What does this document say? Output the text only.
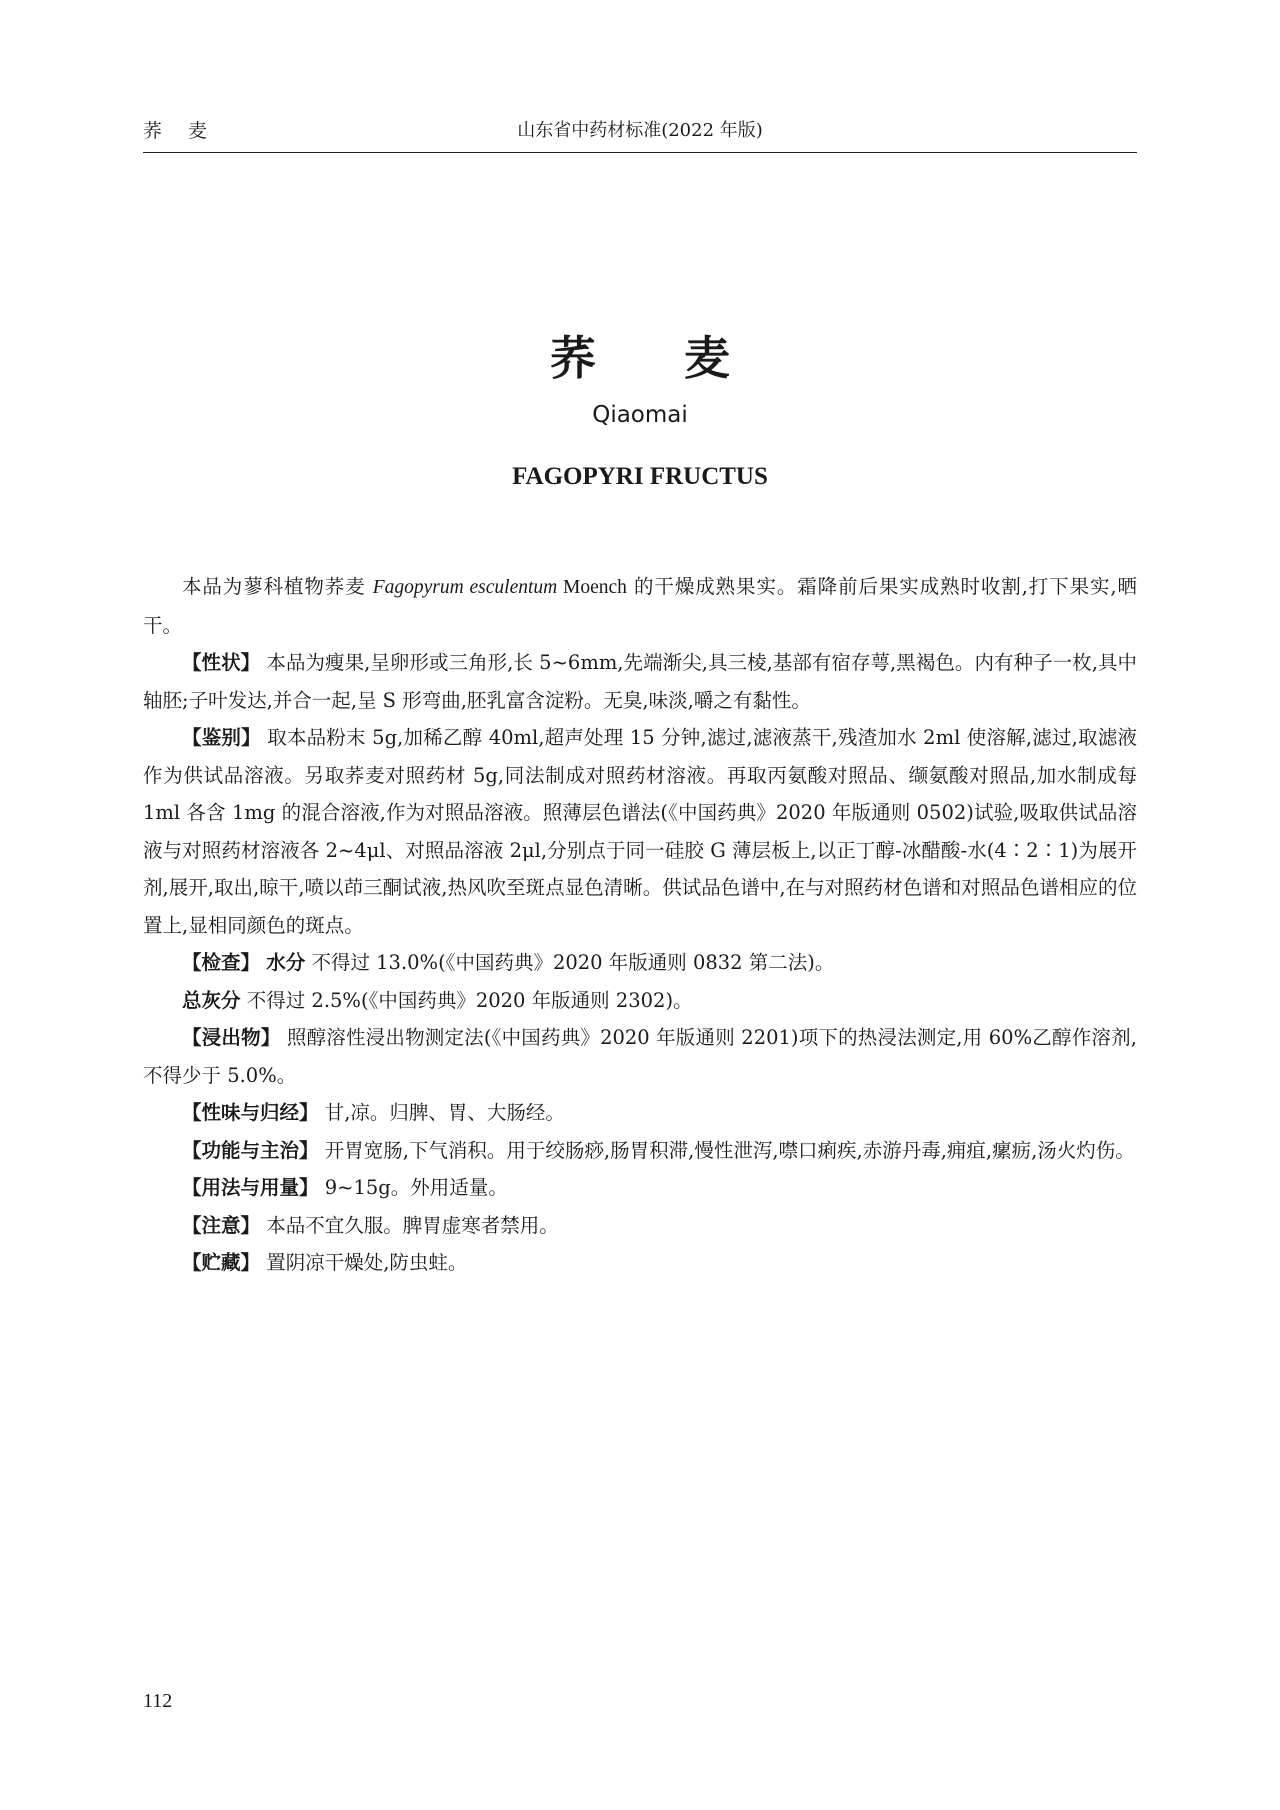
荞 麦	山东省中药材标准(2022 年版)
荞 麦
Qiaomai
FAGOPYRI FRUCTUS

本品为蓼科植物荞麦 Fagopyrum esculentum Moench 的干燥成熟果实。霜降前后果实成熟时收割,打下果实,晒干。

【性状】 本品为瘦果,呈卵形或三角形,长 5~6mm,先端渐尖,具三棱,基部有宿存萼,黑褐色。内有种子一枚,具中轴胚;子叶发达,并合一起,呈 S 形弯曲,胚乳富含淀粉。无臭,味淡,嚼之有黏性。

【鉴别】 取本品粉末 5g,加稀乙醇 40ml,超声处理 15 分钟,滤过,滤液蒸干,残渣加水 2ml 使溶解,滤过,取滤液作为供试品溶液。另取荞麦对照药材 5g,同法制成对照药材溶液。再取丙氨酸对照品、缬氨酸对照品,加水制成每 1ml 各含 1mg 的混合溶液,作为对照品溶液。照薄层色谱法(《中国药典》2020 年版通则 0502)试验,吸取供试品溶液与对照药材溶液各 2~4μl、对照品溶液 2μl,分别点于同一硅胶 G 薄层板上,以正丁醇-冰醋酸-水(4∶2∶1)为展开剂,展开,取出,晾干,喷以茚三酮试液,热风吹至斑点显色清晰。供试品色谱中,在与对照药材色谱和对照品色谱相应的位置上,显相同颜色的斑点。

【检查】 水分 不得过 13.0%(《中国药典》2020 年版通则 0832 第二法)。

总灰分 不得过 2.5%(《中国药典》2020 年版通则 2302)。

【浸出物】 照醇溶性浸出物测定法(《中国药典》2020 年版通则 2201)项下的热浸法测定,用 60%乙醇作溶剂,不得少于 5.0%。

【性味与归经】 甘,凉。归脾、胃、大肠经。

【功能与主治】 开胃宽肠,下气消积。用于绞肠痧,肠胃积滞,慢性泄泻,噤口痢疾,赤游丹毒,痈疽,瘰疬,汤火灼伤。

【用法与用量】 9~15g。外用适量。

【注意】 本品不宜久服。脾胃虚寒者禁用。

【贮藏】 置阴凉干燥处,防虫蛀。

112
